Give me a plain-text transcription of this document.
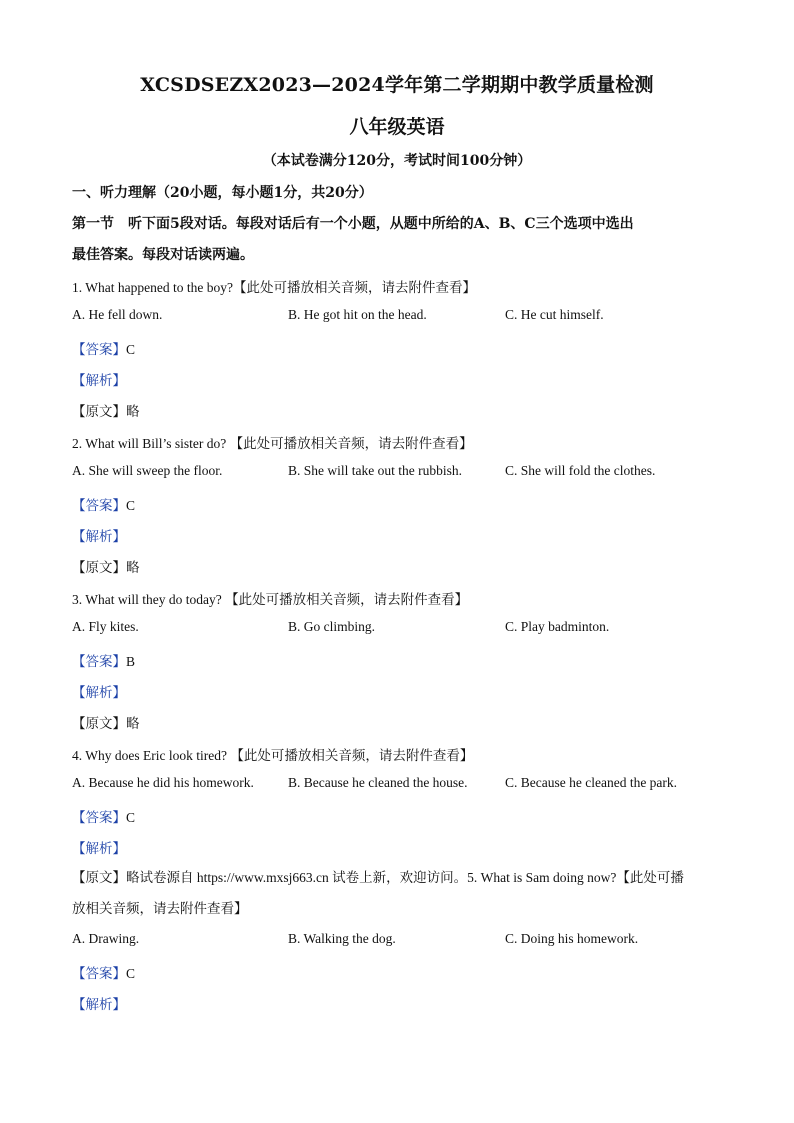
XCSDSEZX2023—2024学年第二学期期中教学质量检测
八年级英语
（本试卷满分120分，考试时间100分钟）
一、听力理解（20小题，每小题1分，共20分）
第一节　听下面5段对话。每段对话后有一个小题，从题中所给的A、B、C三个选项中选出
最佳答案。每段对话读两遍。
1. What happened to the boy?【此处可播放相关音频，请去附件查看】
A. He fell down.	B. He got hit on the head.	C. He cut himself.
【答案】C
【解析】
【原文】略
2. What will Bill’s sister do? 【此处可播放相关音频，请去附件查看】
A. She will sweep the floor.	B. She will take out the rubbish.	C. She will fold the clothes.
【答案】C
【解析】
【原文】略
3. What will they do today? 【此处可播放相关音频，请去附件查看】
A. Fly kites.	B. Go climbing.	C. Play badminton.
【答案】B
【解析】
【原文】略
4. Why does Eric look tired? 【此处可播放相关音频，请去附件查看】
A. Because he did his homework.	B. Because he cleaned the house.	C. Because he cleaned the park.
【答案】C
【解析】
【原文】略试卷源自 https://www.mxsj663.cn 试卷上新，欢迎访问。5. What is Sam doing now?【此处可播
放相关音频，请去附件查看】
A. Drawing.	B. Walking the dog.	C. Doing his homework.
【答案】C
【解析】
